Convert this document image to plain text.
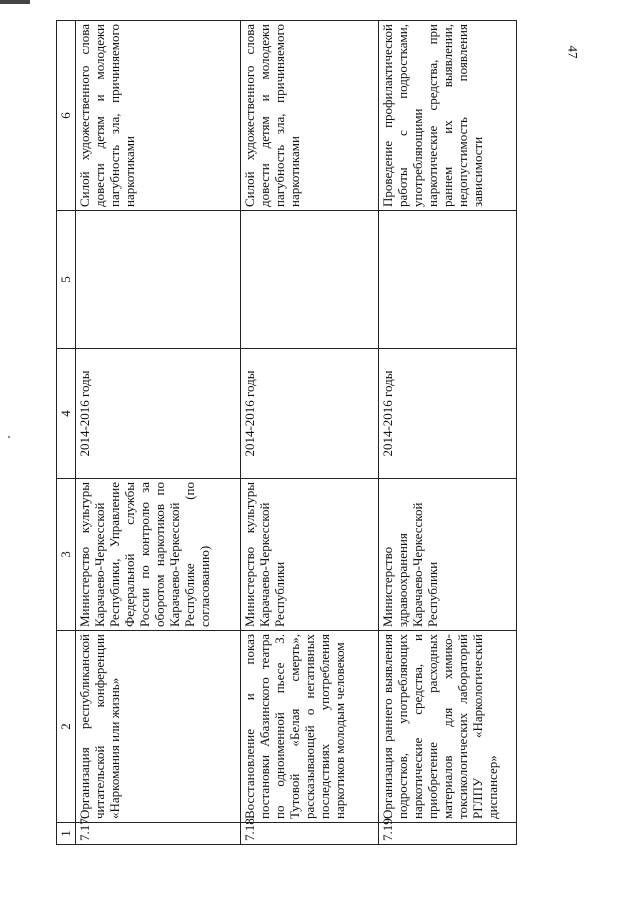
47
1	2	3	4	5	6
7.17.	Организация республиканской читательской конференции «Наркомания или жизнь»	Министерство культуры Карачаево-Черкесской Республики, Управление Федеральной службы России по контролю за оборотом наркотиков по Карачаево-Черкесской Республике (по согласованию)	2014-2016 годы		Силой художественного слова довести детям и молодежи пагубность зла, причиняемого наркотиками
7.18.	Восстановление и показ постановки Абазинского театра по одноименной пьесе З. Тутовой «Белая смерть», рассказывающей о негативных последствиях употребления наркотиков молодым человеком	Министерство культуры Карачаево-Черкесской Республики	2014-2016 годы		Силой художественного слова довести детям и молодежи пагубность зла, причиняемого наркотиками
7.19.	Организация раннего выявления подростков, употребляющих наркотические средства, и приобретение расходных материалов для химико-токсикологических лабораторий РГЛПУ «Наркологический диспансер»	Министерство здравоохранения Карачаево-Черкесской Республики	2014-2016 годы		Проведение профилактической работы с подростками, употребляющими наркотические средства, при раннем их выявлении, недопустимость появления зависимости
